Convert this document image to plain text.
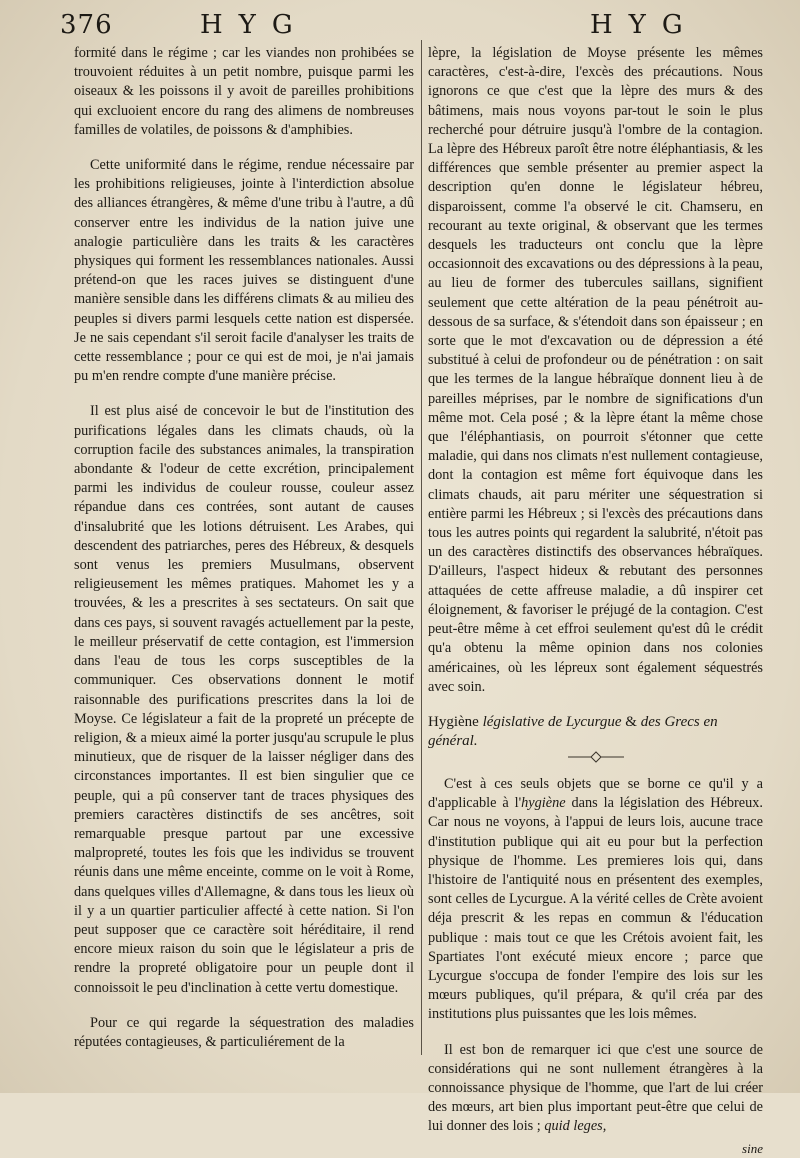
376	HYG	HYG

formité dans le régime ; car les viandes non prohibées se trouvoient réduites à un petit nombre, puisque parmi les oiseaux & les poissons il y avoit de pareilles prohibitions qui excluoient encore du rang des alimens de nombreuses familles de volatiles, de poissons & d'amphibies.

Cette uniformité dans le régime, rendue nécessaire par les prohibitions religieuses, jointe à l'interdiction absolue des alliances étrangères, & même d'une tribu à l'autre, a dû conserver entre les individus de la nation juive une analogie particulière dans les traits & les caractères physiques qui forment les ressemblances nationales. Aussi prétend-on que les races juives se distinguent d'une manière sensible dans les différens climats & au milieu des peuples si divers parmi lesquels cette nation est dispersée. Je ne sais cependant s'il seroit facile d'analyser les traits de cette ressemblance ; pour ce qui est de moi, je n'ai jamais pu m'en rendre compte d'une manière précise.

Il est plus aisé de concevoir le but de l'institution des purifications légales dans les climats chauds, où la corruption facile des substances animales, la transpiration abondante & l'odeur de cette excrétion, principalement parmi les individus de couleur rousse, couleur assez répandue dans ces contrées, sont autant de causes d'insalubrité que les lotions détruisent. Les Arabes, qui descendent des patriarches, peres des Hébreux, & desquels sont venus les premiers Musulmans, observent religieusement les mêmes pratiques. Mahomet les y a trouvées, & les a prescrites à ses sectateurs. On sait que dans ces pays, si souvent ravagés actuellement par la peste, le meilleur préservatif de cette contagion, est l'immersion dans l'eau de tous les corps susceptibles de la communiquer. Ces observations donnent le motif raisonnable des purifications prescrites dans la loi de Moyse. Ce législateur a fait de la propreté un précepte de religion, & a mieux aimé la porter jusqu'au scrupule le plus minutieux, que de risquer de la laisser négliger dans des circonstances importantes. Il est bien singulier que ce peuple, qui a pû conserver tant de traces physiques des premiers caractères distinctifs de ses ancêtres, soit remarquable presque partout par une excessive malpropreté, toutes les fois que les individus se trouvent réunis dans une même enceinte, comme on le voit à Rome, dans quelques villes d'Allemagne, & dans tous les lieux où il y a un quartier particulier affecté à cette nation. Si l'on peut supposer que ce caractère soit héréditaire, il rend encore mieux raison du soin que le législateur a pris de rendre la propreté obligatoire pour un peuple dont il connoissoit le peu d'inclination à cette vertu domestique.

Pour ce qui regarde la séquestration des maladies réputées contagieuses, & particuliérement de la

lèpre, la législation de Moyse présente les mêmes caractères, c'est-à-dire, l'excès des précautions. Nous ignorons ce que c'est que la lèpre des murs & des bâtimens, mais nous voyons par-tout le soin le plus recherché pour détruire jusqu'à l'ombre de la contagion. La lèpre des Hébreux paroît être notre éléphantiasis, & les différences que semble présenter au premier aspect la description qu'en donne le législateur hébreu, disparoissent, comme l'a observé le cit. Chamseru, en recourant au texte original, & observant que les termes desquels les traducteurs ont conclu que la lèpre occasionnoit des excavations ou des dépressions à la peau, au lieu de former des tubercules saillans, signifient seulement que cette altération de la peau pénétroit au-dessous de sa surface, & s'étendoit dans son épaisseur ; en sorte que le mot d'excavation ou de dépression a été substitué à celui de profondeur ou de pénétration : on sait que les termes de la langue hébraïque donnent lieu à de pareilles méprises, par le nombre de significations d'un même mot. Cela posé ; & la lèpre étant la même chose que l'éléphantiasis, on pourroit s'étonner que cette maladie, qui dans nos climats n'est nullement contagieuse, dont la contagion est même fort équivoque dans les climats chauds, ait paru mériter une séquestration si entière parmi les Hébreux ; si l'excès des précautions dans tous les autres points qui regardent la salubrité, n'étoit pas un des caractères distinctifs des observances hébraïques. D'ailleurs, l'aspect hideux & rebutant des personnes attaquées de cette affreuse maladie, a dû inspirer cet éloignement, & favoriser le préjugé de la contagion. C'est peut-être même à cet effroi seulement qu'est dû le crédit qu'a obtenu la même opinion dans nos colonies américaines, où les lépreux sont également séquestrés avec soin.

Hygiène législative de Lycurgue & des Grecs en général.

C'est à ces seuls objets que se borne ce qu'il y a d'applicable à l'hygiène dans la législation des Hébreux. Car nous ne voyons, à l'appui de leurs lois, aucune trace d'institution publique qui ait eu pour but la perfection physique de l'homme. Les premieres lois qui, dans l'histoire de l'antiquité nous en présentent des exemples, sont celles de Lycurgue. A la vérité celles de Crète avoient déja prescrit & les repas en commun & l'éducation publique : mais tout ce que les Crétois avoient fait, les Spartiates l'ont exécuté mieux encore ; parce que Lycurgue s'occupa de fonder l'empire des lois sur les mœurs publiques, qu'il prépara, & qu'il créa par des institutions plus puissantes que les lois mêmes.

Il est bon de remarquer ici que c'est une source de considérations qui ne sont nullement étrangères à la connoissance physique de l'homme, que l'art de lui créer des mœurs, art bien plus important peut-être que celui de lui donner des lois ; quid leges,

sine
